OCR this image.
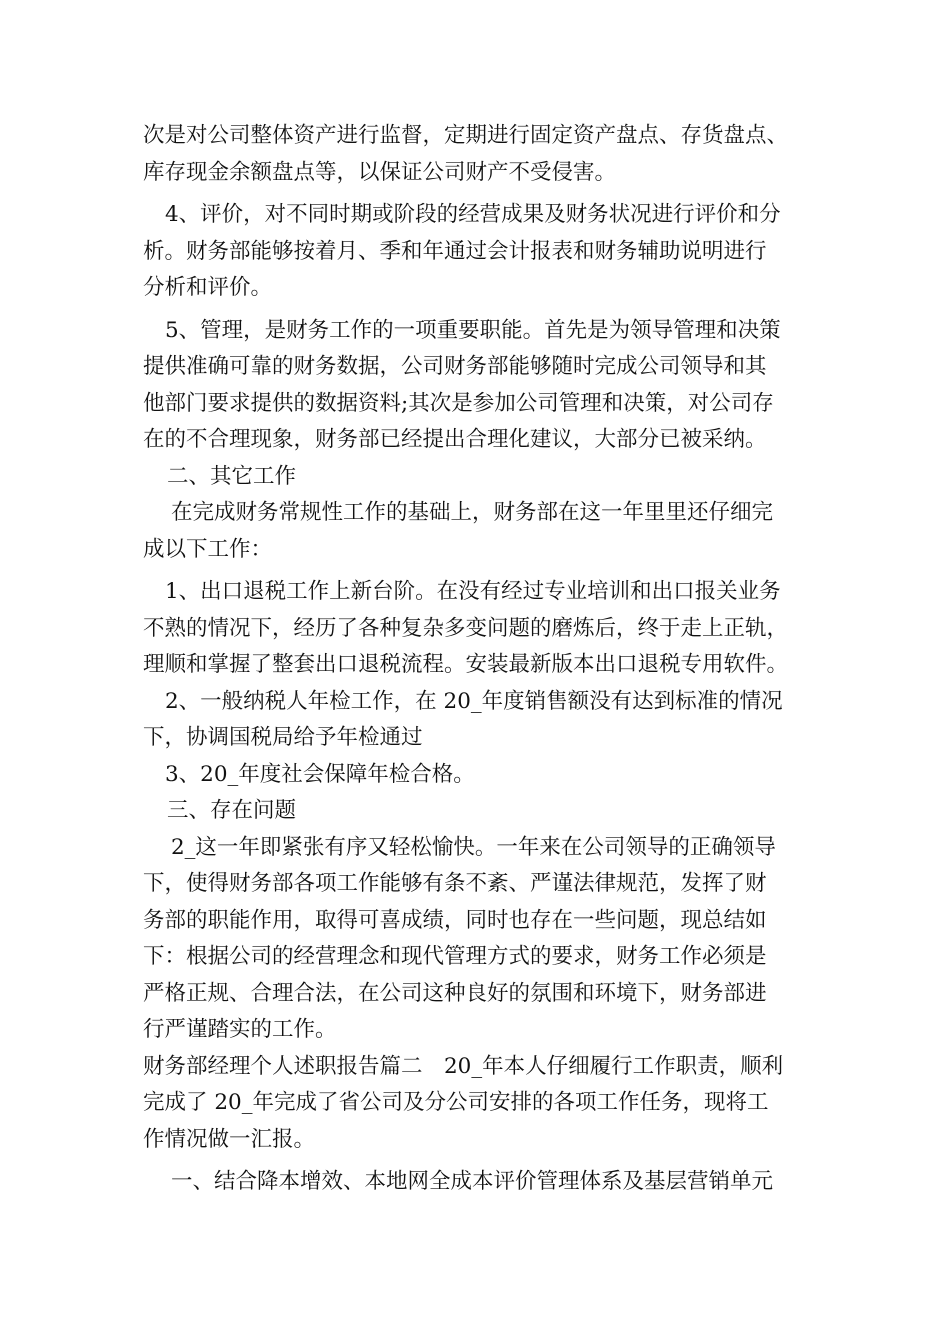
次是对公司整体资产进行监督，定期进行固定资产盘点、存货盘点、
库存现金余额盘点等，以保证公司财产不受侵害。
4、评价，对不同时期或阶段的经营成果及财务状况进行评价和分
析。财务部能够按着月、季和年通过会计报表和财务辅助说明进行
分析和评价。
5、管理，是财务工作的一项重要职能。首先是为领导管理和决策
提供准确可靠的财务数据，公司财务部能够随时完成公司领导和其
他部门要求提供的数据资料;其次是参加公司管理和决策，对公司存
在的不合理现象，财务部已经提出合理化建议，大部分已被采纳。
二、其它工作
在完成财务常规性工作的基础上，财务部在这一年里里还仔细完
成以下工作：
1、出口退税工作上新台阶。在没有经过专业培训和出口报关业务
不熟的情况下，经历了各种复杂多变问题的磨炼后，终于走上正轨，
理顺和掌握了整套出口退税流程。安装最新版本出口退税专用软件。
2、一般纳税人年检工作，在 20_年度销售额没有达到标准的情况
下，协调国税局给予年检通过
3、20_年度社会保障年检合格。
三、存在问题
2_这一年即紧张有序又轻松愉快。一年来在公司领导的正确领导
下，使得财务部各项工作能够有条不紊、严谨法律规范，发挥了财
务部的职能作用，取得可喜成绩，同时也存在一些问题，现总结如
下：根据公司的经营理念和现代管理方式的要求，财务工作必须是
严格正规、合理合法，在公司这种良好的氛围和环境下，财务部进
行严谨踏实的工作。
财务部经理个人述职报告篇二　20_年本人仔细履行工作职责，顺利
完成了 20_年完成了省公司及分公司安排的各项工作任务，现将工
作情况做一汇报。
一、结合降本增效、本地网全成本评价管理体系及基层营销单元
